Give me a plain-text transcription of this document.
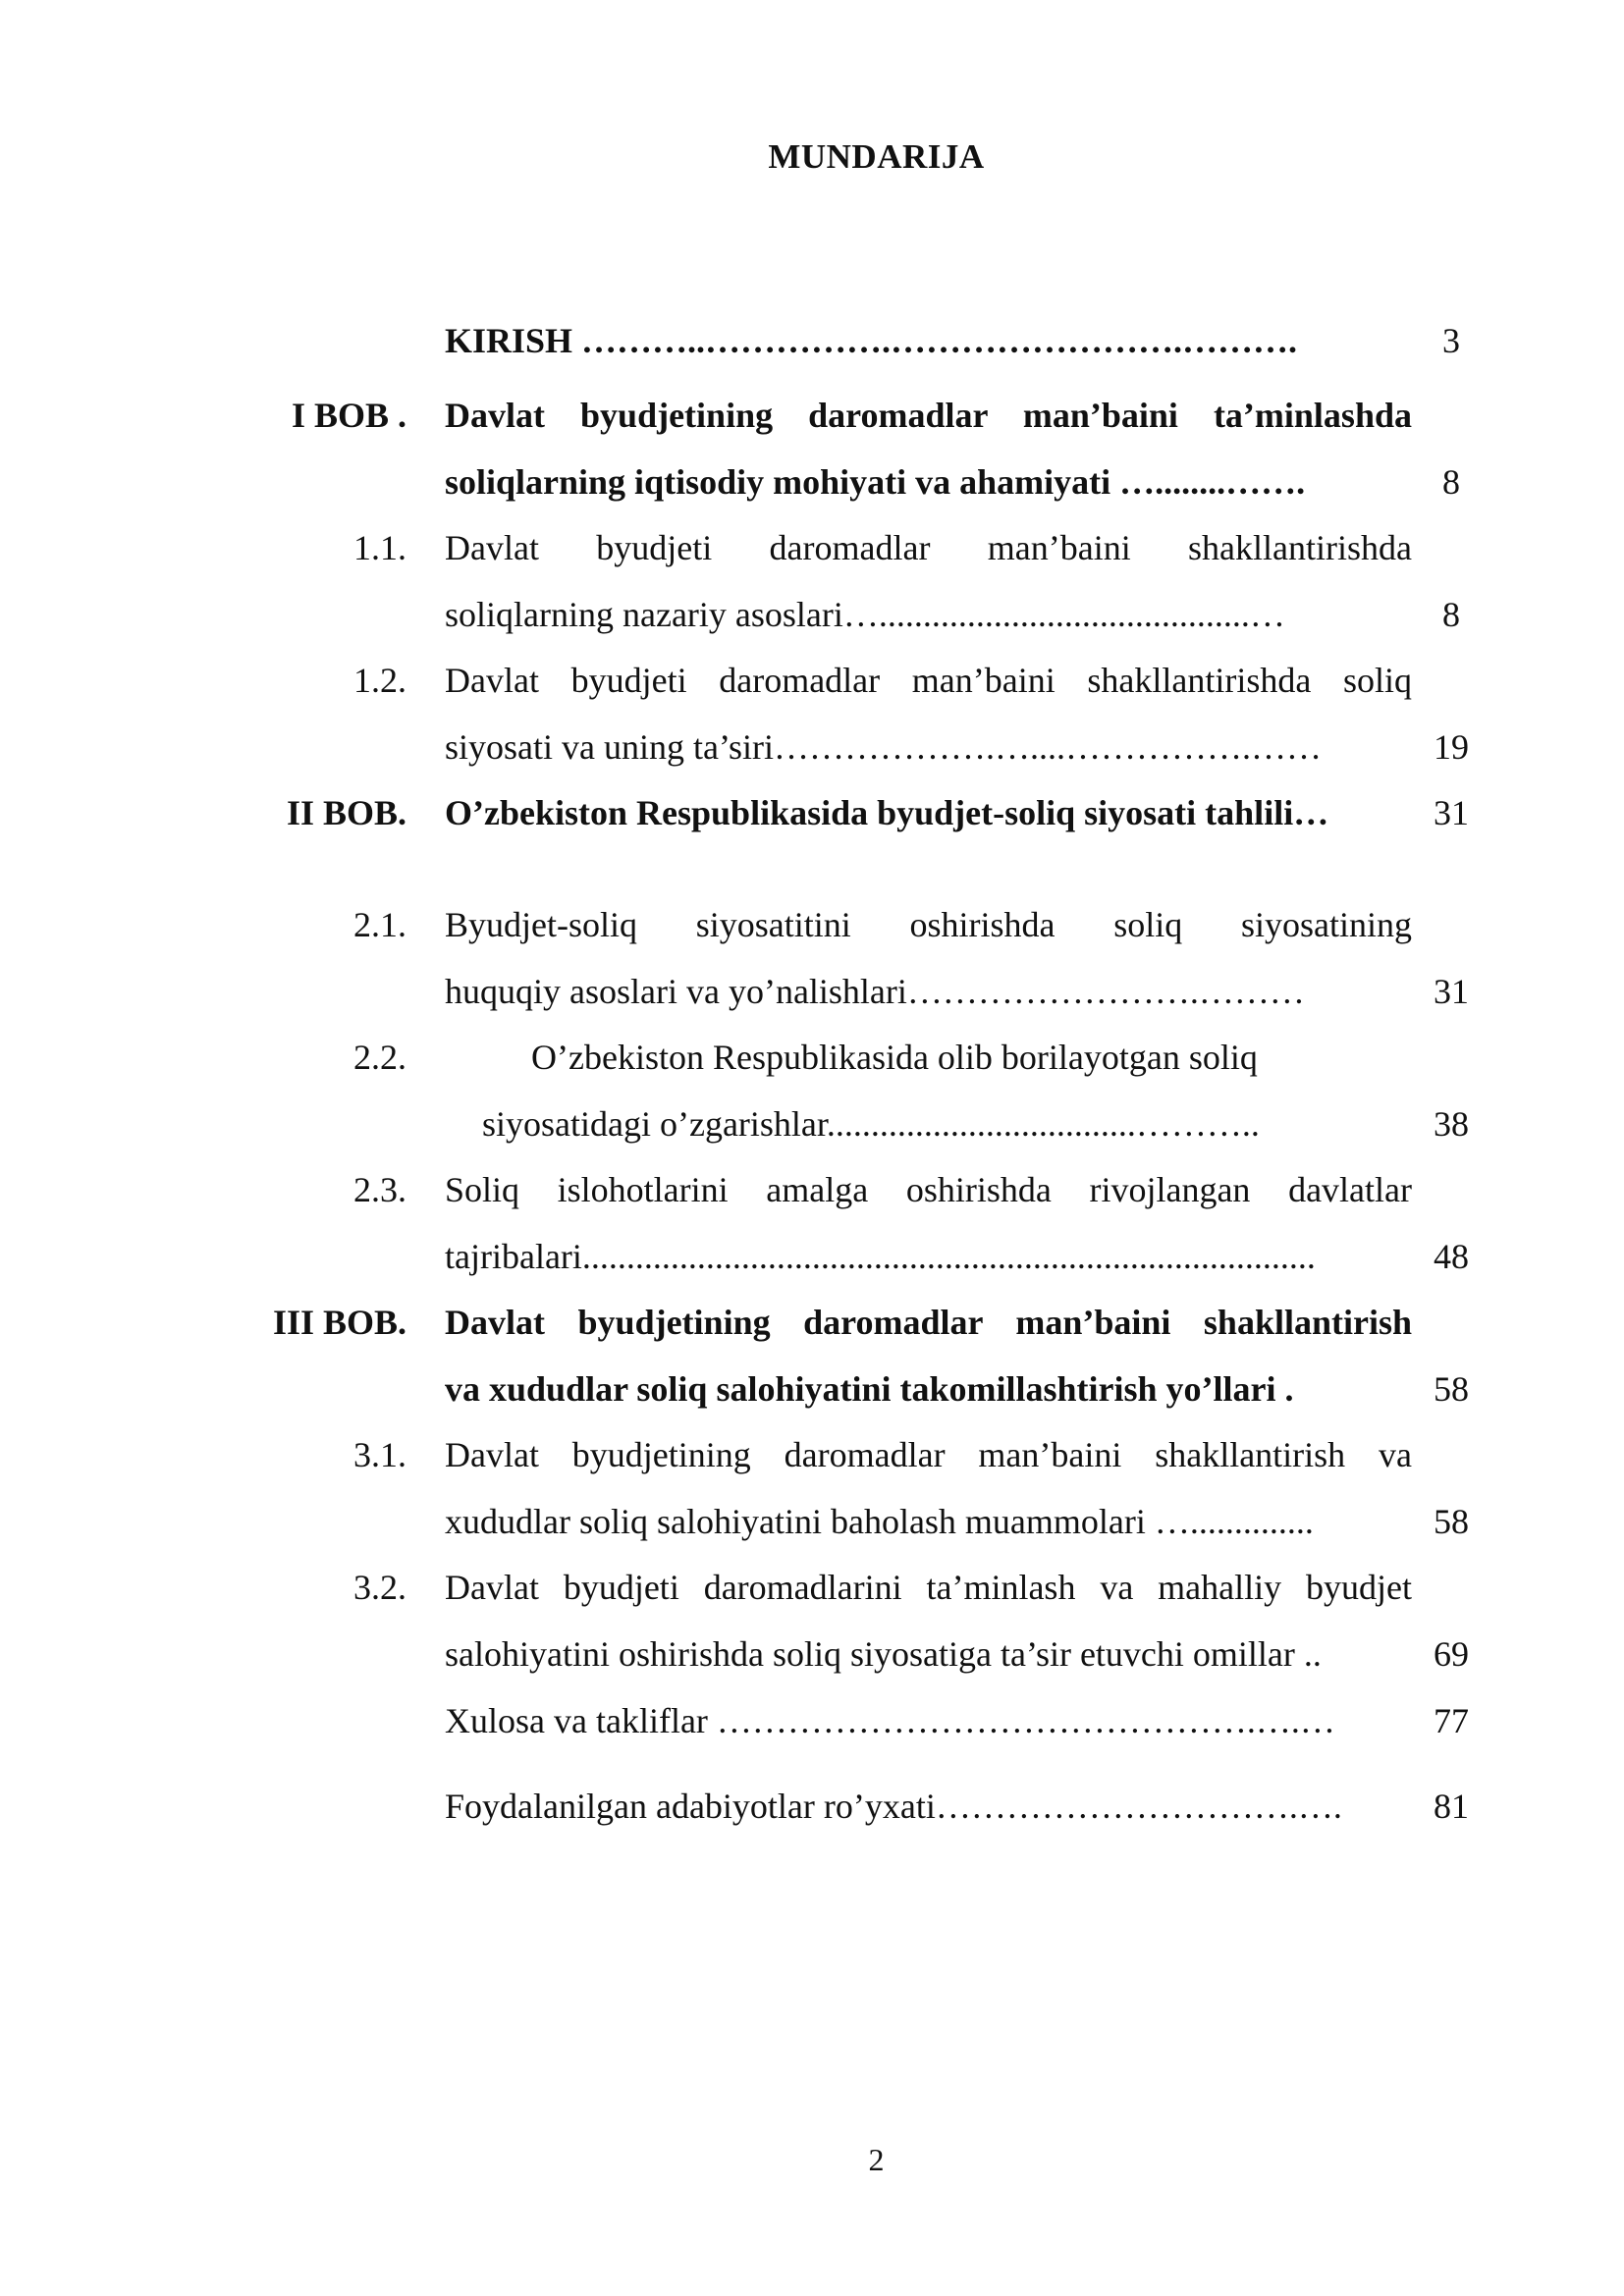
MUNDARIJA
KIRISH ………..…………….…………………….……….	3
I BOB . Davlat byudjetining daromadlar man’baini ta’minlashda
soliqlarning iqtisodiy mohiyati va ahamiyati …........…….	8
1.1. Davlat byudjeti daromadlar man’baini shakllantirishda
soliqlarning nazariy asoslari…..........................................…	8
1.2. Davlat byudjeti daromadlar man’baini shakllantirishda soliq
siyosati va uning ta’siri……………….…....…………….……	19
II BOB. O’zbekiston Respublikasida byudjet-soliq siyosati tahlili…	31
2.1. Byudjet-soliq siyosatitini oshirishda soliq siyosatining
huquqiy asoslari va yo’nalishlari…………………….………	31
2.2.	O’zbekiston Respublikasida olib borilayotgan soliq
siyosatidagi o’zgarishlar...................................………..	38
2.3. Soliq islohotlarini amalga oshirishda rivojlangan davlatlar
tajribalari...................................................................................	48
III BOB. Davlat byudjetining daromadlar man’baini shakllantirish
va xududlar soliq salohiyatini takomillashtirish yo’llari .	58
3.1. Davlat byudjetining daromadlar man’baini shakllantirish va
xududlar soliq salohiyatini baholash muammolari …..............	58
3.2. Davlat byudjeti daromadlarini ta’minlash va mahalliy byudjet
salohiyatini oshirishda soliq siyosatiga ta’sir etuvchi omillar ..	69
Xulosa va takliflar ……………………………………….….…	77
Foydalanilgan adabiyotlar ro’yxati………………………….….	81
2
